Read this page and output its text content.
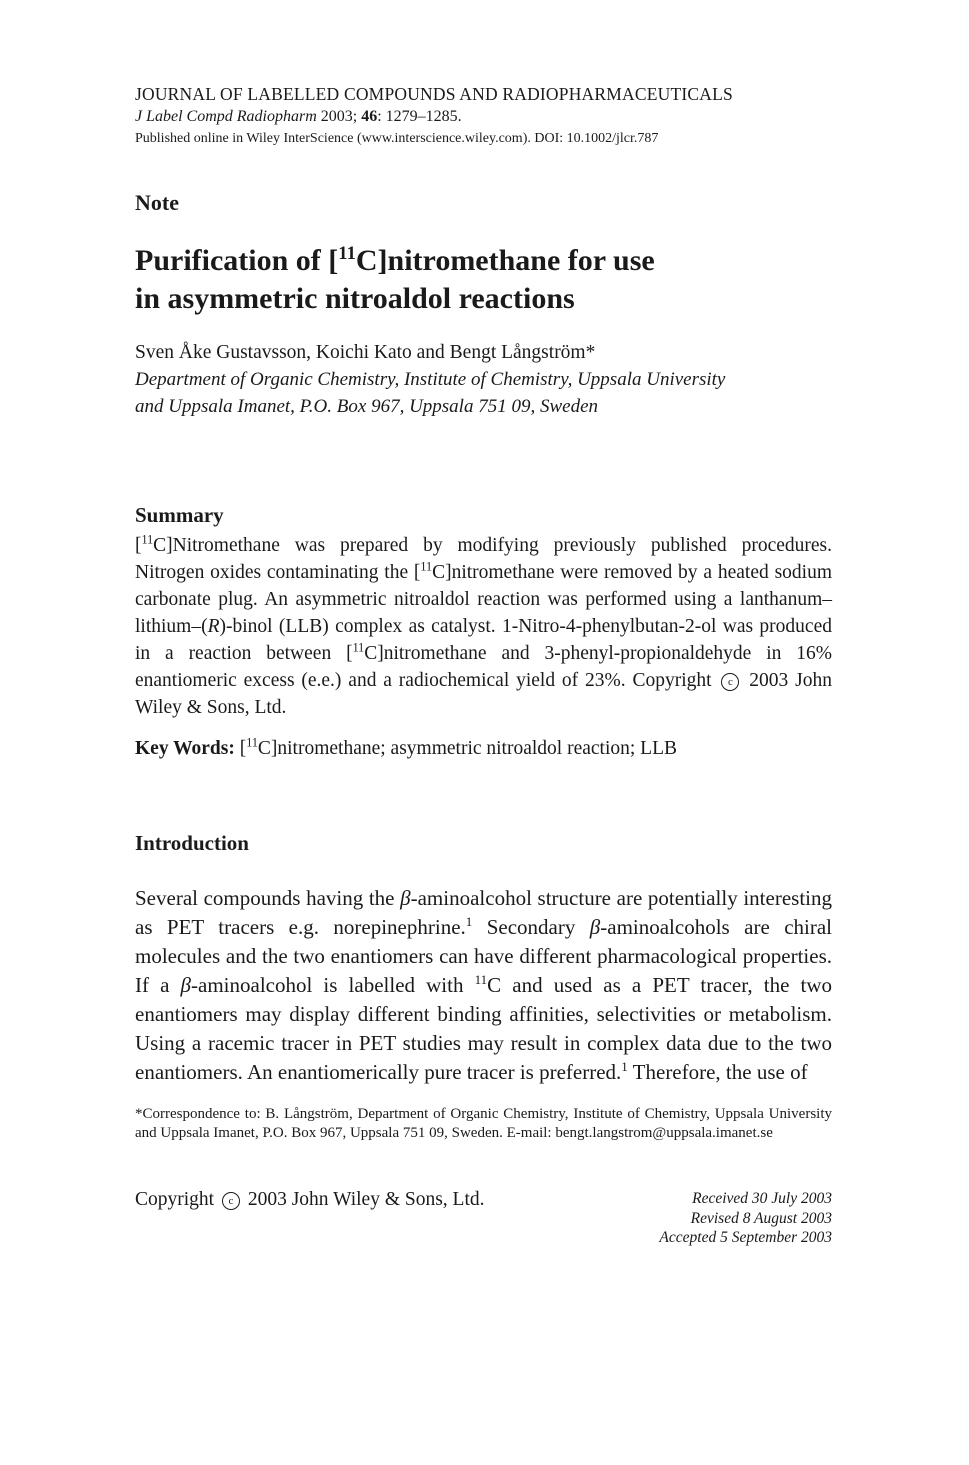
JOURNAL OF LABELLED COMPOUNDS AND RADIOPHARMACEUTICALS
J Label Compd Radiopharm 2003; 46: 1279–1285.
Published online in Wiley InterScience (www.interscience.wiley.com). DOI: 10.1002/jlcr.787
Note
Purification of [$^{11}$C]nitromethane for use
in asymmetric nitroaldol reactions
Sven Åke Gustavsson, Koichi Kato and Bengt Långström*
Department of Organic Chemistry, Institute of Chemistry, Uppsala University
and Uppsala Imanet, P.O. Box 967, Uppsala 751 09, Sweden
Summary
[$^{11}$C]Nitromethane was prepared by modifying previously published procedures. Nitrogen oxides contaminating the [$^{11}$C]nitromethane were removed by a heated sodium carbonate plug. An asymmetric nitroaldol reaction was performed using a lanthanum–lithium–(R)-binol (LLB) complex as catalyst. 1-Nitro-4-phenylbutan-2-ol was produced in a reaction between [$^{11}$C]nitromethane and 3-phenyl-propionaldehyde in 16% enantiomeric excess (e.e.) and a radiochemical yield of 23%. Copyright c 2003 John Wiley & Sons, Ltd.
Key Words: [$^{11}$C]nitromethane; asymmetric nitroaldol reaction; LLB
Introduction
Several compounds having the β-aminoalcohol structure are potentially interesting as PET tracers e.g. norepinephrine.$^1$ Secondary β-aminoalcohols are chiral molecules and the two enantiomers can have different pharmacological properties. If a β-aminoalcohol is labelled with $^{11}$C and used as a PET tracer, the two enantiomers may display different binding affinities, selectivities or metabolism. Using a racemic tracer in PET studies may result in complex data due to the two enantiomers. An enantiomerically pure tracer is preferred.$^1$ Therefore, the use of
*Correspondence to: B. Långström, Department of Organic Chemistry, Institute of Chemistry, Uppsala University and Uppsala Imanet, P.O. Box 967, Uppsala 751 09, Sweden. E-mail: bengt.langstrom@uppsala.imanet.se
Copyright c 2003 John Wiley & Sons, Ltd.	Received 30 July 2003
Revised 8 August 2003
Accepted 5 September 2003
